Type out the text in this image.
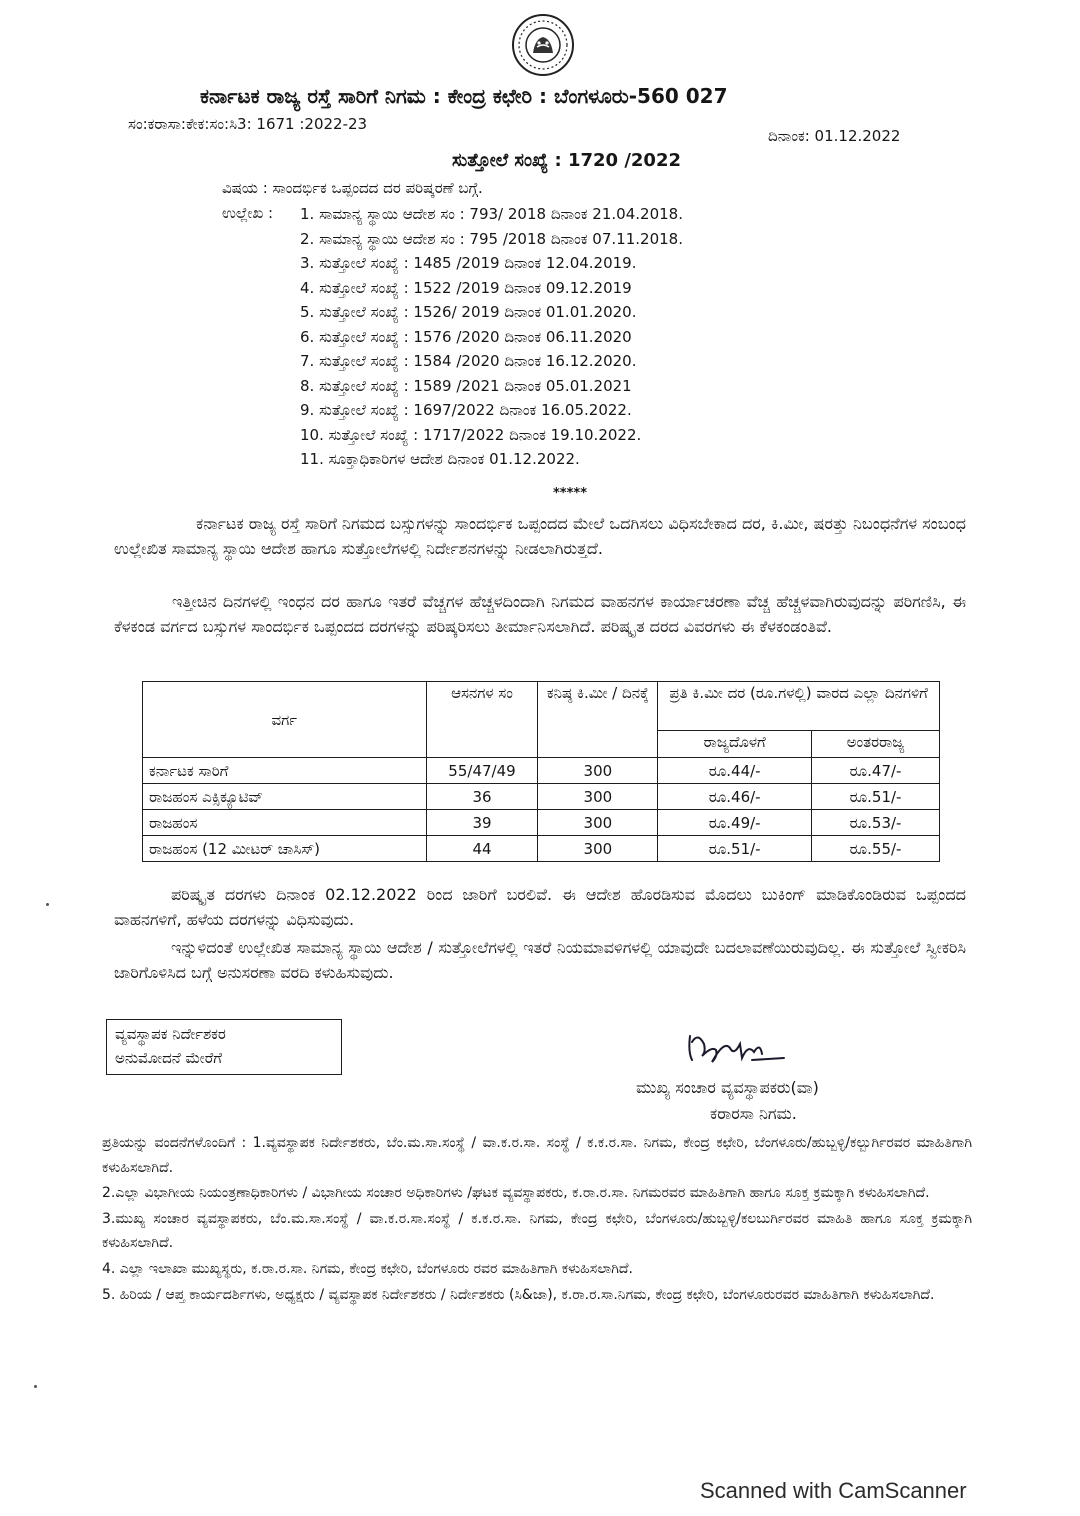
ಕರ್ನಾಟಕ ರಾಜ್ಯ ರಸ್ತೆ ಸಾರಿಗೆ ನಿಗಮ : ಕೇಂದ್ರ ಕಛೇರಿ : ಬೆಂಗಳೂರು-560 027
ಸಂ:ಕರಾಸಾ:ಕೇಕ:ಸಂ:ಸಿ3: 1671 :2022-23
ದಿನಾಂಕ: 01.12.2022
ಸುತ್ತೋಲೆ ಸಂಖ್ಯೆ : 1720 /2022
ವಿಷಯ : ಸಾಂದರ್ಭಿಕ ಒಪ್ಪಂದದ ದರ ಪರಿಷ್ಕರಣೆ ಬಗ್ಗೆ.
ಉಲ್ಲೇಖ : 1. ಸಾಮಾನ್ಯ ಸ್ಥಾಯಿ ಆದೇಶ ಸಂ : 793/ 2018 ದಿನಾಂಕ 21.04.2018.
2. ಸಾಮಾನ್ಯ ಸ್ಥಾಯಿ ಆದೇಶ ಸಂ : 795 /2018 ದಿನಾಂಕ 07.11.2018.
3. ಸುತ್ತೋಲೆ ಸಂಖ್ಯೆ : 1485 /2019 ದಿನಾಂಕ 12.04.2019.
4. ಸುತ್ತೋಲೆ ಸಂಖ್ಯೆ : 1522 /2019 ದಿನಾಂಕ 09.12.2019
5. ಸುತ್ತೋಲೆ ಸಂಖ್ಯೆ : 1526/ 2019 ದಿನಾಂಕ 01.01.2020.
6. ಸುತ್ತೋಲೆ ಸಂಖ್ಯೆ : 1576 /2020 ದಿನಾಂಕ 06.11.2020
7. ಸುತ್ತೋಲೆ ಸಂಖ್ಯೆ : 1584 /2020 ದಿನಾಂಕ 16.12.2020.
8. ಸುತ್ತೋಲೆ ಸಂಖ್ಯೆ : 1589 /2021 ದಿನಾಂಕ 05.01.2021
9. ಸುತ್ತೋಲೆ ಸಂಖ್ಯೆ : 1697/2022 ದಿನಾಂಕ 16.05.2022.
10. ಸುತ್ತೋಲೆ ಸಂಖ್ಯೆ : 1717/2022 ದಿನಾಂಕ 19.10.2022.
11. ಸೂಕ್ತಾಧಿಕಾರಿಗಳ ಆದೇಶ ದಿನಾಂಕ 01.12.2022.
*****

ಕರ್ನಾಟಕ ರಾಜ್ಯ ರಸ್ತೆ ಸಾರಿಗೆ ನಿಗಮದ ಬಸ್ಸುಗಳನ್ನು ಸಾಂದರ್ಭಿಕ ಒಪ್ಪಂದದ ಮೇಲೆ ಒದಗಿಸಲು ವಿಧಿಸಬೇಕಾದ ದರ, ಕಿ.ಮೀ, ಷರತ್ತು ನಿಬಂಧನೆಗಳ ಸಂಬಂಧ ಉಲ್ಲೇಖಿತ ಸಾಮಾನ್ಯ ಸ್ಥಾಯಿ ಆದೇಶ ಹಾಗೂ ಸುತ್ತೋಲೆಗಳಲ್ಲಿ ನಿರ್ದೇಶನಗಳನ್ನು ನೀಡಲಾಗಿರುತ್ತದೆ.

ಇತ್ತೀಚಿನ ದಿನಗಳಲ್ಲಿ ಇಂಧನ ದರ ಹಾಗೂ ಇತರೆ ವೆಚ್ಚಗಳ ಹೆಚ್ಚಳದಿಂದಾಗಿ ನಿಗಮದ ವಾಹನಗಳ ಕಾರ್ಯಾಚರಣಾ ವೆಚ್ಚ ಹೆಚ್ಚಳವಾಗಿರುವುದನ್ನು ಪರಿಗಣಿಸಿ, ಈ ಕೆಳಕಂಡ ವರ್ಗದ ಬಸ್ಸುಗಳ ಸಾಂದರ್ಭಿಕ ಒಪ್ಪಂದದ ದರಗಳನ್ನು ಪರಿಷ್ಕರಿಸಲು ತೀರ್ಮಾನಿಸಲಾಗಿದೆ. ಪರಿಷ್ಕೃತ ದರದ ವಿವರಗಳು ಈ ಕೆಳಕಂಡಂತಿವೆ.

ವರ್ಗ	ಆಸನಗಳ ಸಂ	ಕನಿಷ್ಠ ಕಿ.ಮೀ / ದಿನಕ್ಕೆ	ಪ್ರತಿ ಕಿ.ಮೀ ದರ (ರೂ.ಗಳಲ್ಲಿ) ವಾರದ ಎಲ್ಲಾ ದಿನಗಳಿಗೆ	
			ರಾಜ್ಯದೊಳಗೆ	ಅಂತರರಾಜ್ಯ
ಕರ್ನಾಟಕ ಸಾರಿಗೆ	55/47/49	300	ರೂ.44/-	ರೂ.47/-
ರಾಜಹಂಸ ಎಕ್ಸಿಕ್ಯೂಟಿವ್	36	300	ರೂ.46/-	ರೂ.51/-
ರಾಜಹಂಸ	39	300	ರೂ.49/-	ರೂ.53/-
ರಾಜಹಂಸ (12 ಮೀಟರ್ ಚಾಸಿಸ್)	44	300	ರೂ.51/-	ರೂ.55/-

ಪರಿಷ್ಕೃತ ದರಗಳು ದಿನಾಂಕ 02.12.2022 ರಿಂದ ಜಾರಿಗೆ ಬರಲಿವೆ. ಈ ಆದೇಶ ಹೊರಡಿಸುವ ಮೊದಲು ಬುಕಿಂಗ್ ಮಾಡಿಕೊಂಡಿರುವ ಒಪ್ಪಂದದ ವಾಹನಗಳಿಗೆ, ಹಳೆಯ ದರಗಳನ್ನು ವಿಧಿಸುವುದು.

ಇನ್ನುಳಿದಂತೆ ಉಲ್ಲೇಖಿತ ಸಾಮಾನ್ಯ ಸ್ಥಾಯಿ ಆದೇಶ / ಸುತ್ತೋಲೆಗಳಲ್ಲಿ ಇತರೆ ನಿಯಮಾವಳಿಗಳಲ್ಲಿ ಯಾವುದೇ ಬದಲಾವಣೆಯಿರುವುದಿಲ್ಲ. ಈ ಸುತ್ತೋಲೆ ಸ್ವೀಕರಿಸಿ ಜಾರಿಗೊಳಿಸಿದ ಬಗ್ಗೆ ಅನುಸರಣಾ ವರದಿ ಕಳುಹಿಸುವುದು.

ವ್ಯವಸ್ಥಾಪಕ ನಿರ್ದೇಶಕರ
ಅನುಮೋದನೆ ಮೇರೆಗೆ
ಮುಖ್ಯ ಸಂಚಾರ ವ್ಯವಸ್ಥಾಪಕರು(ವಾ)
ಕರಾರಸಾ ನಿಗಮ.

ಪ್ರತಿಯನ್ನು ವಂದನೆಗಳೊಂದಿಗೆ : 1.ವ್ಯವಸ್ಥಾಪಕ ನಿರ್ದೇಶಕರು, ಬೆಂ.ಮ.ಸಾ.ಸಂಸ್ಥೆ / ವಾ.ಕ.ರ.ಸಾ. ಸಂಸ್ಥೆ / ಕ.ಕ.ರ.ಸಾ. ನಿಗಮ, ಕೇಂದ್ರ ಕಛೇರಿ, ಬೆಂಗಳೂರು/ಹುಬ್ಬಳ್ಳಿ/ಕಲ್ಬುರ್ಗಿರವರ ಮಾಹಿತಿಗಾಗಿ ಕಳುಹಿಸಲಾಗಿದೆ.

2.ಎಲ್ಲಾ ವಿಭಾಗೀಯ ನಿಯಂತ್ರಣಾಧಿಕಾರಿಗಳು / ವಿಭಾಗೀಯ ಸಂಚಾರ ಅಧಿಕಾರಿಗಳು /ಘಟಕ ವ್ಯವಸ್ಥಾಪಕರು, ಕ.ರಾ.ರ.ಸಾ. ನಿಗಮರವರ ಮಾಹಿತಿಗಾಗಿ ಹಾಗೂ ಸೂಕ್ತ ಕ್ರಮಕ್ಕಾಗಿ ಕಳುಹಿಸಲಾಗಿದೆ.

3.ಮುಖ್ಯ ಸಂಚಾರ ವ್ಯವಸ್ಥಾಪಕರು, ಬೆಂ.ಮ.ಸಾ.ಸಂಸ್ಥೆ / ವಾ.ಕ.ರ.ಸಾ.ಸಂಸ್ಥೆ / ಕ.ಕ.ರ.ಸಾ. ನಿಗಮ, ಕೇಂದ್ರ ಕಛೇರಿ, ಬೆಂಗಳೂರು/ಹುಬ್ಬಳ್ಳಿ/ಕಲಬುರ್ಗಿರವರ ಮಾಹಿತಿ ಹಾಗೂ ಸೂಕ್ತ ಕ್ರಮಕ್ಕಾಗಿ ಕಳುಹಿಸಲಾಗಿದೆ.

4. ಎಲ್ಲಾ ಇಲಾಖಾ ಮುಖ್ಯಸ್ಥರು, ಕ.ರಾ.ರ.ಸಾ. ನಿಗಮ, ಕೇಂದ್ರ ಕಛೇರಿ, ಬೆಂಗಳೂರು ರವರ ಮಾಹಿತಿಗಾಗಿ ಕಳುಹಿಸಲಾಗಿದೆ.

5. ಹಿರಿಯ / ಆಪ್ತ ಕಾರ್ಯದರ್ಶಿಗಳು, ಅಧ್ಯಕ್ಷರು / ವ್ಯವಸ್ಥಾಪಕ ನಿರ್ದೇಶಕರು / ನಿರ್ದೇಶಕರು (ಸಿ&ಜಾ), ಕ.ರಾ.ರ.ಸಾ.ನಿಗಮ, ಕೇಂದ್ರ ಕಛೇರಿ, ಬೆಂಗಳೂರುರವರ ಮಾಹಿತಿಗಾಗಿ ಕಳುಹಿಸಲಾಗಿದೆ.

Scanned with CamScanner
